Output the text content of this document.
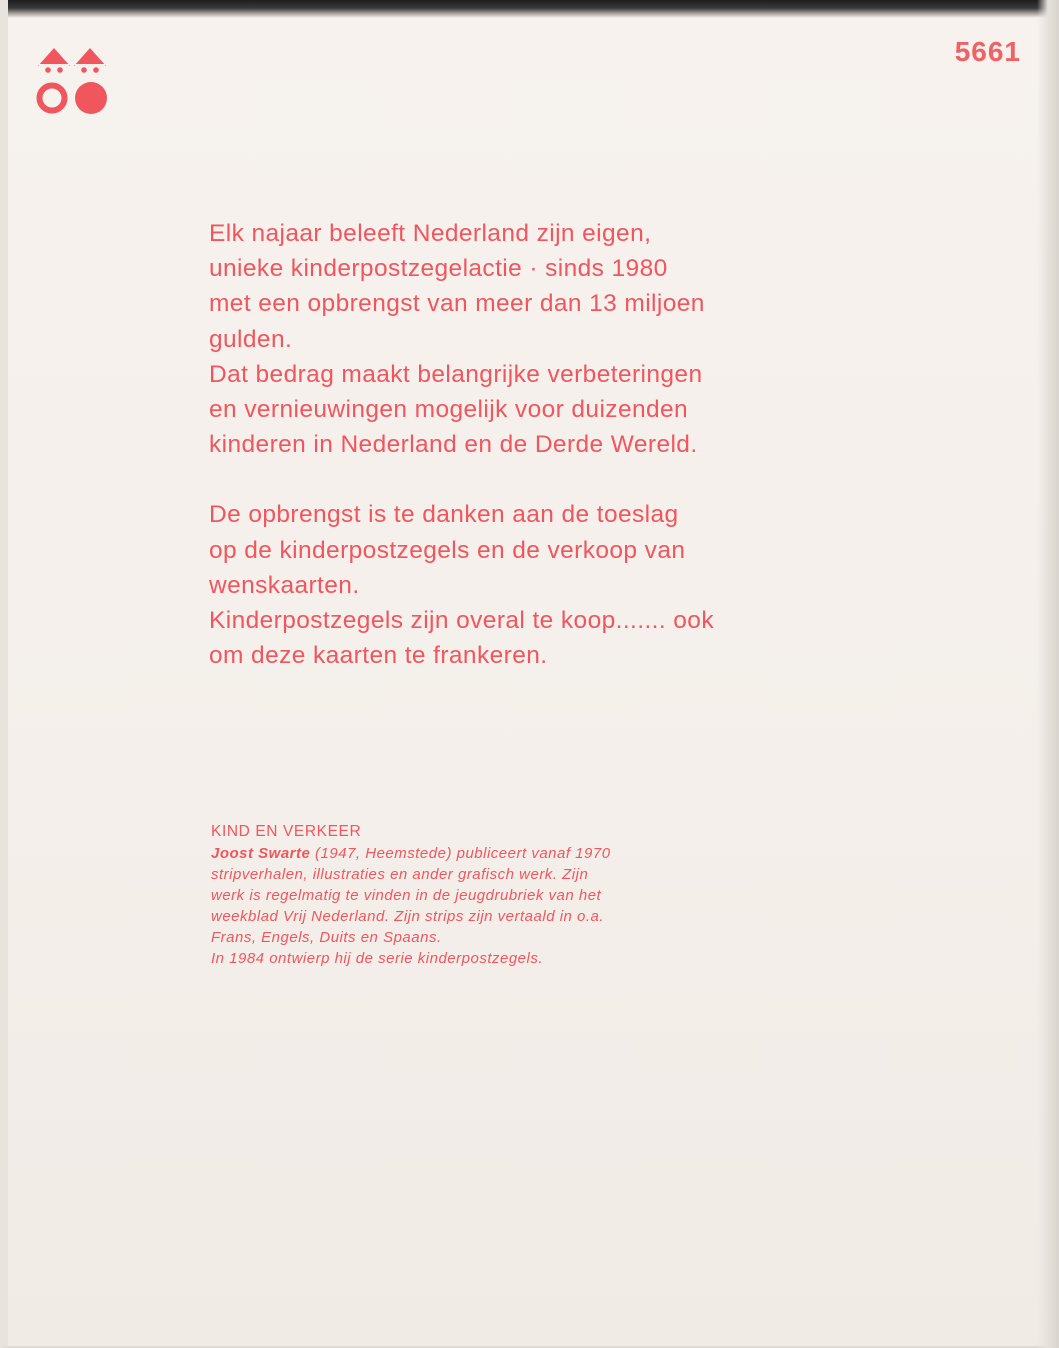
5661

Elk najaar beleeft Nederland zijn eigen,
unieke kinderpostzegelactie · sinds 1980
met een opbrengst van meer dan 13 miljoen
gulden.
Dat bedrag maakt belangrijke verbeteringen
en vernieuwingen mogelijk voor duizenden
kinderen in Nederland en de Derde Wereld.

De opbrengst is te danken aan de toeslag
op de kinderpostzegels en de verkoop van
wenskaarten.
Kinderpostzegels zijn overal te koop....... ook
om deze kaarten te frankeren.

KIND EN VERKEER
Joost Swarte (1947, Heemstede) publiceert vanaf 1970
stripverhalen, illustraties en ander grafisch werk. Zijn
werk is regelmatig te vinden in de jeugdrubriek van het
weekblad Vrij Nederland. Zijn strips zijn vertaald in o.a.
Frans, Engels, Duits en Spaans.
In 1984 ontwierp hij de serie kinderpostzegels.
